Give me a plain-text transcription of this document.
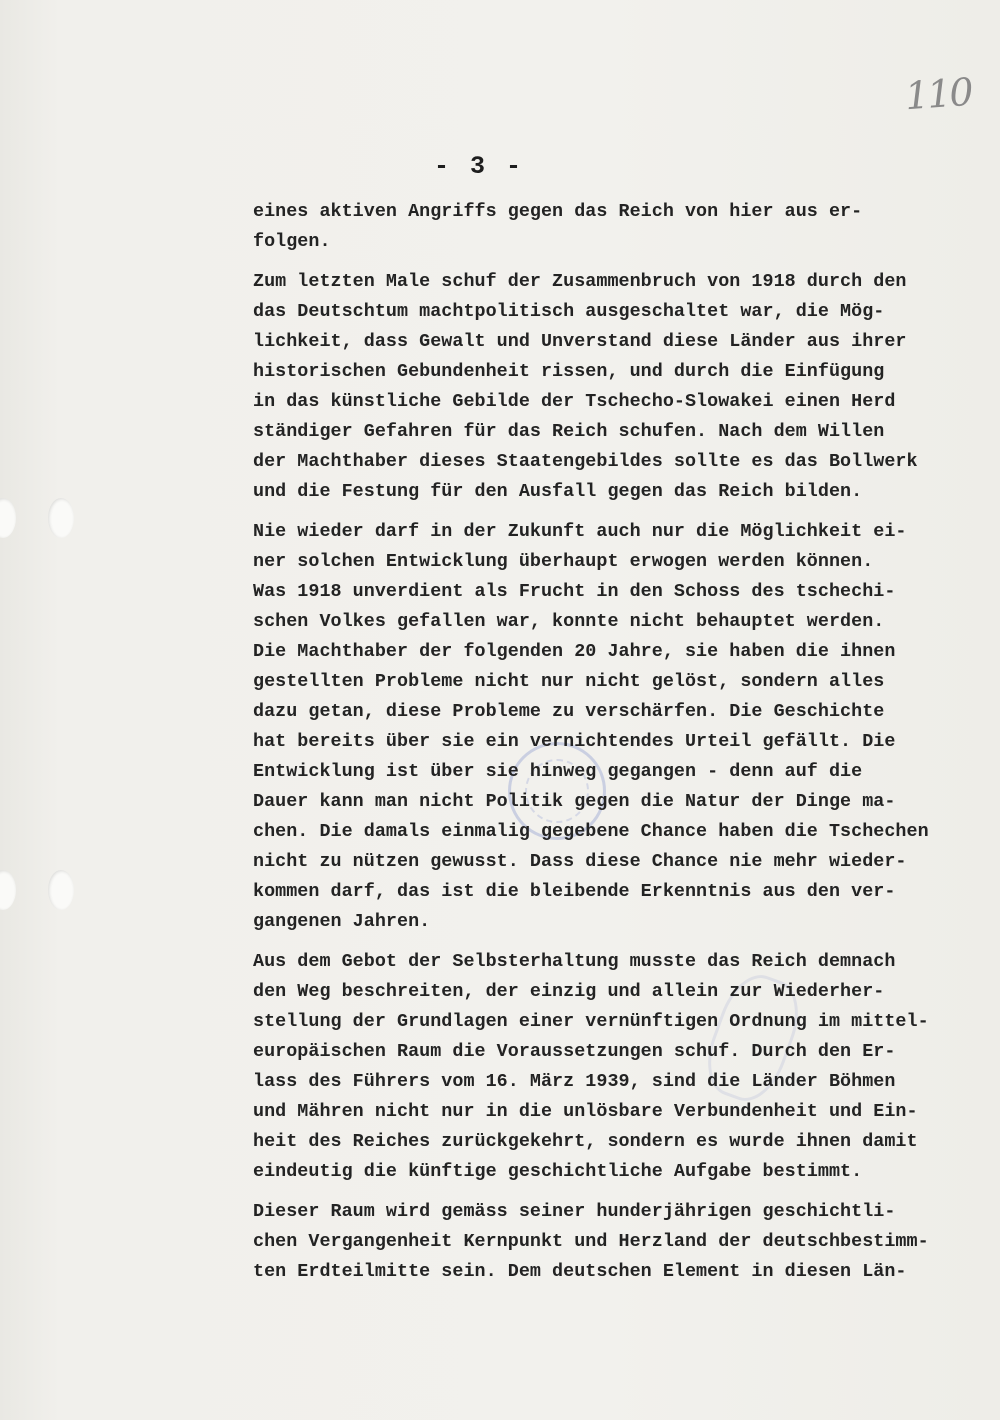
110
- 3 -
eines aktiven Angriffs gegen das Reich von hier aus er-
folgen.
Zum letzten Male schuf der Zusammenbruch von 1918 durch den
das Deutschtum machtpolitisch ausgeschaltet war, die Mög-
lichkeit, dass Gewalt und Unverstand diese Länder aus ihrer
historischen Gebundenheit rissen, und durch die Einfügung
in das künstliche Gebilde der Tschecho-Slowakei einen Herd
ständiger Gefahren für das Reich schufen. Nach dem Willen
der Machthaber dieses Staatengebildes sollte es das Bollwerk
und die Festung für den Ausfall gegen das Reich bilden.
Nie wieder darf in der Zukunft auch nur die Möglichkeit ei-
ner solchen Entwicklung überhaupt erwogen werden können.
Was 1918 unverdient als Frucht in den Schoss des tschechi-
schen Volkes gefallen war, konnte nicht behauptet werden.
Die Machthaber der folgenden 20 Jahre, sie haben die ihnen
gestellten Probleme nicht nur nicht gelöst, sondern alles
dazu getan, diese Probleme zu verschärfen. Die Geschichte
hat bereits über sie ein vernichtendes Urteil gefällt. Die
Entwicklung ist über sie hinweg gegangen - denn auf die
Dauer kann man nicht Politik gegen die Natur der Dinge ma-
chen. Die damals einmalig gegebene Chance haben die Tschechen
nicht zu nützen gewusst. Dass diese Chance nie mehr wieder-
kommen darf, das ist die bleibende Erkenntnis aus den ver-
gangenen Jahren.
Aus dem Gebot der Selbsterhaltung musste das Reich demnach
den Weg beschreiten, der einzig und allein zur Wiederher-
stellung der Grundlagen einer vernünftigen Ordnung im mittel-
europäischen Raum die Voraussetzungen schuf. Durch den Er-
lass des Führers vom 16. März 1939, sind die Länder Böhmen
und Mähren nicht nur in die unlösbare Verbundenheit und Ein-
heit des Reiches zurückgekehrt, sondern es wurde ihnen damit
eindeutig die künftige geschichtliche Aufgabe bestimmt.
Dieser Raum wird gemäss seiner hunderjährigen geschichtli-
chen Vergangenheit Kernpunkt und Herzland der deutschbestimm-
ten Erdteilmitte sein. Dem deutschen Element in diesen Län-
